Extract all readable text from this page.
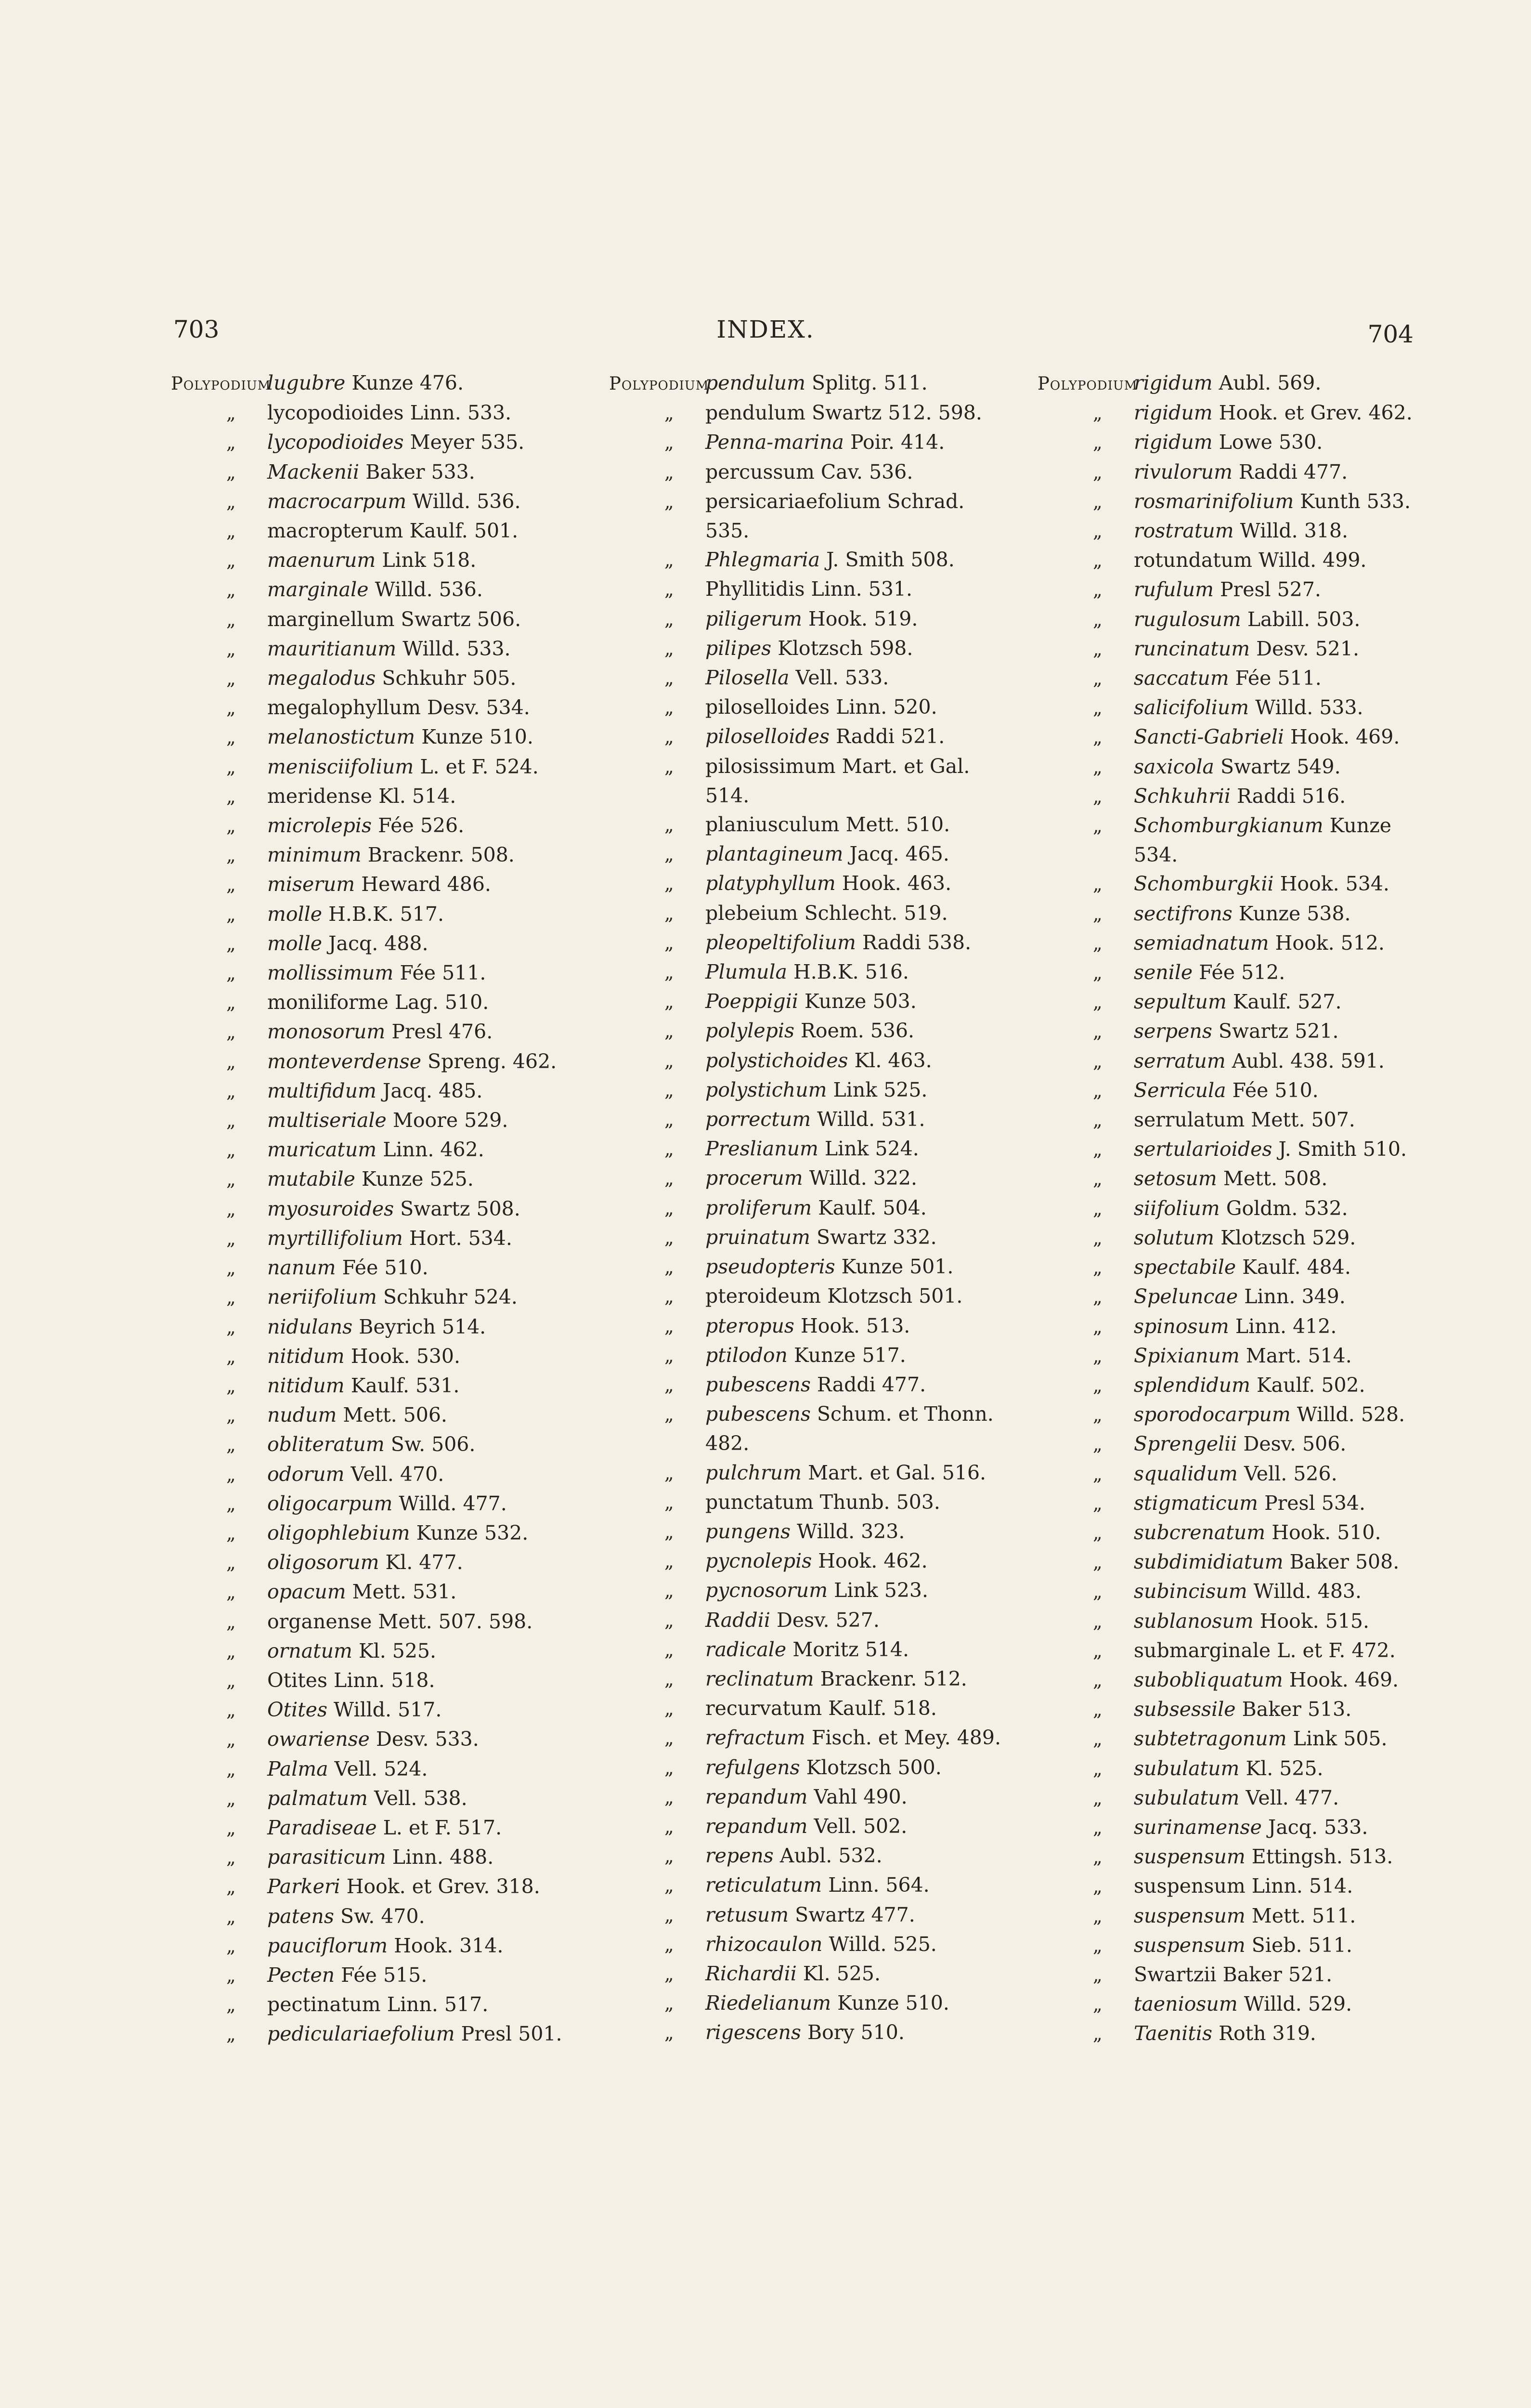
703	INDEX.	704
Polypodiumlugubre Kunze 476.
„ lycopodioides Linn. 533.
„ lycopodioides Meyer 535.
„ Mackenii Baker 533.
„ macrocarpum Willd. 536.
„ macropterum Kaulf. 501.
„ maenurum Link 518.
„ marginale Willd. 536.
„ marginellum Swartz 506.
„ mauritianum Willd. 533.
„ megalodus Schkuhr 505.
„ megalophyllum Desv. 534.
„ melanostictum Kunze 510.
„ menisciifolium L. et F. 524.
„ meridense Kl. 514.
„ microlepis Fée 526.
„ minimum Brackenr. 508.
„ miserum Heward 486.
„ molle H.B.K. 517.
„ molle Jacq. 488.
„ mollissimum Fée 511.
„ moniliforme Lag. 510.
„ monosorum Presl 476.
„ monteverdense Spreng. 462.
„ multifidum Jacq. 485.
„ multiseriale Moore 529.
„ muricatum Linn. 462.
„ mutabile Kunze 525.
„ myosuroides Swartz 508.
„ myrtillifolium Hort. 534.
„ nanum Fée 510.
„ neriifolium Schkuhr 524.
„ nidulans Beyrich 514.
„ nitidum Hook. 530.
„ nitidum Kaulf. 531.
„ nudum Mett. 506.
„ obliteratum Sw. 506.
„ odorum Vell. 470.
„ oligocarpum Willd. 477.
„ oligophlebium Kunze 532.
„ oligosorum Kl. 477.
„ opacum Mett. 531.
„ organense Mett. 507. 598.
„ ornatum Kl. 525.
„ Otites Linn. 518.
„ Otites Willd. 517.
„ owariense Desv. 533.
„ Palma Vell. 524.
„ palmatum Vell. 538.
„ Paradiseae L. et F. 517.
„ parasiticum Linn. 488.
„ Parkeri Hook. et Grev. 318.
„ patens Sw. 470.
„ pauciflorum Hook. 314.
„ Pecten Fée 515.
„ pectinatum Linn. 517.
„ pediculariaefolium Presl 501.
Polypodiumpendulum Splitg. 511.
„ pendulum Swartz 512. 598.
„ Penna-marina Poir. 414.
„ percussum Cav. 536.
„ persicariaefolium Schrad.
535.
„ Phlegmaria J. Smith 508.
„ Phyllitidis Linn. 531.
„ piligerum Hook. 519.
„ pilipes Klotzsch 598.
„ Pilosella Vell. 533.
„ piloselloides Linn. 520.
„ piloselloides Raddi 521.
„ pilosissimum Mart. et Gal.
514.
„ planiusculum Mett. 510.
„ plantagineum Jacq. 465.
„ platyphyllum Hook. 463.
„ plebeium Schlecht. 519.
„ pleopeltifolium Raddi 538.
„ Plumula H.B.K. 516.
„ Poeppigii Kunze 503.
„ polylepis Roem. 536.
„ polystichoides Kl. 463.
„ polystichum Link 525.
„ porrectum Willd. 531.
„ Preslianum Link 524.
„ procerum Willd. 322.
„ proliferum Kaulf. 504.
„ pruinatum Swartz 332.
„ pseudopteris Kunze 501.
„ pteroideum Klotzsch 501.
„ pteropus Hook. 513.
„ ptilodon Kunze 517.
„ pubescens Raddi 477.
„ pubescens Schum. et Thonn.
482.
„ pulchrum Mart. et Gal. 516.
„ punctatum Thunb. 503.
„ pungens Willd. 323.
„ pycnolepis Hook. 462.
„ pycnosorum Link 523.
„ Raddii Desv. 527.
„ radicale Moritz 514.
„ reclinatum Brackenr. 512.
„ recurvatum Kaulf. 518.
„ refractum Fisch. et Mey. 489.
„ refulgens Klotzsch 500.
„ repandum Vahl 490.
„ repandum Vell. 502.
„ repens Aubl. 532.
„ reticulatum Linn. 564.
„ retusum Swartz 477.
„ rhizocaulon Willd. 525.
„ Richardii Kl. 525.
„ Riedelianum Kunze 510.
„ rigescens Bory 510.
Polypodiumrigidum Aubl. 569.
„ rigidum Hook. et Grev. 462.
„ rigidum Lowe 530.
„ rivulorum Raddi 477.
„ rosmarinifolium Kunth 533.
„ rostratum Willd. 318.
„ rotundatum Willd. 499.
„ rufulum Presl 527.
„ rugulosum Labill. 503.
„ runcinatum Desv. 521.
„ saccatum Fée 511.
„ salicifolium Willd. 533.
„ Sancti-Gabrieli Hook. 469.
„ saxicola Swartz 549.
„ Schkuhrii Raddi 516.
„ Schomburgkianum Kunze
534.
„ Schomburgkii Hook. 534.
„ sectifrons Kunze 538.
„ semiadnatum Hook. 512.
„ senile Fée 512.
„ sepultum Kaulf. 527.
„ serpens Swartz 521.
„ serratum Aubl. 438. 591.
„ Serricula Fée 510.
„ serrulatum Mett. 507.
„ sertularioides J. Smith 510.
„ setosum Mett. 508.
„ siifolium Goldm. 532.
„ solutum Klotzsch 529.
„ spectabile Kaulf. 484.
„ Speluncae Linn. 349.
„ spinosum Linn. 412.
„ Spixianum Mart. 514.
„ splendidum Kaulf. 502.
„ sporodocarpum Willd. 528.
„ Sprengelii Desv. 506.
„ squalidum Vell. 526.
„ stigmaticum Presl 534.
„ subcrenatum Hook. 510.
„ subdimidiatum Baker 508.
„ subincisum Willd. 483.
„ sublanosum Hook. 515.
„ submarginale L. et F. 472.
„ subobliquatum Hook. 469.
„ subsessile Baker 513.
„ subtetragonum Link 505.
„ subulatum Kl. 525.
„ subulatum Vell. 477.
„ surinamense Jacq. 533.
„ suspensum Ettingsh. 513.
„ suspensum Linn. 514.
„ suspensum Mett. 511.
„ suspensum Sieb. 511.
„ Swartzii Baker 521.
„ taeniosum Willd. 529.
„ Taenitis Roth 319.
